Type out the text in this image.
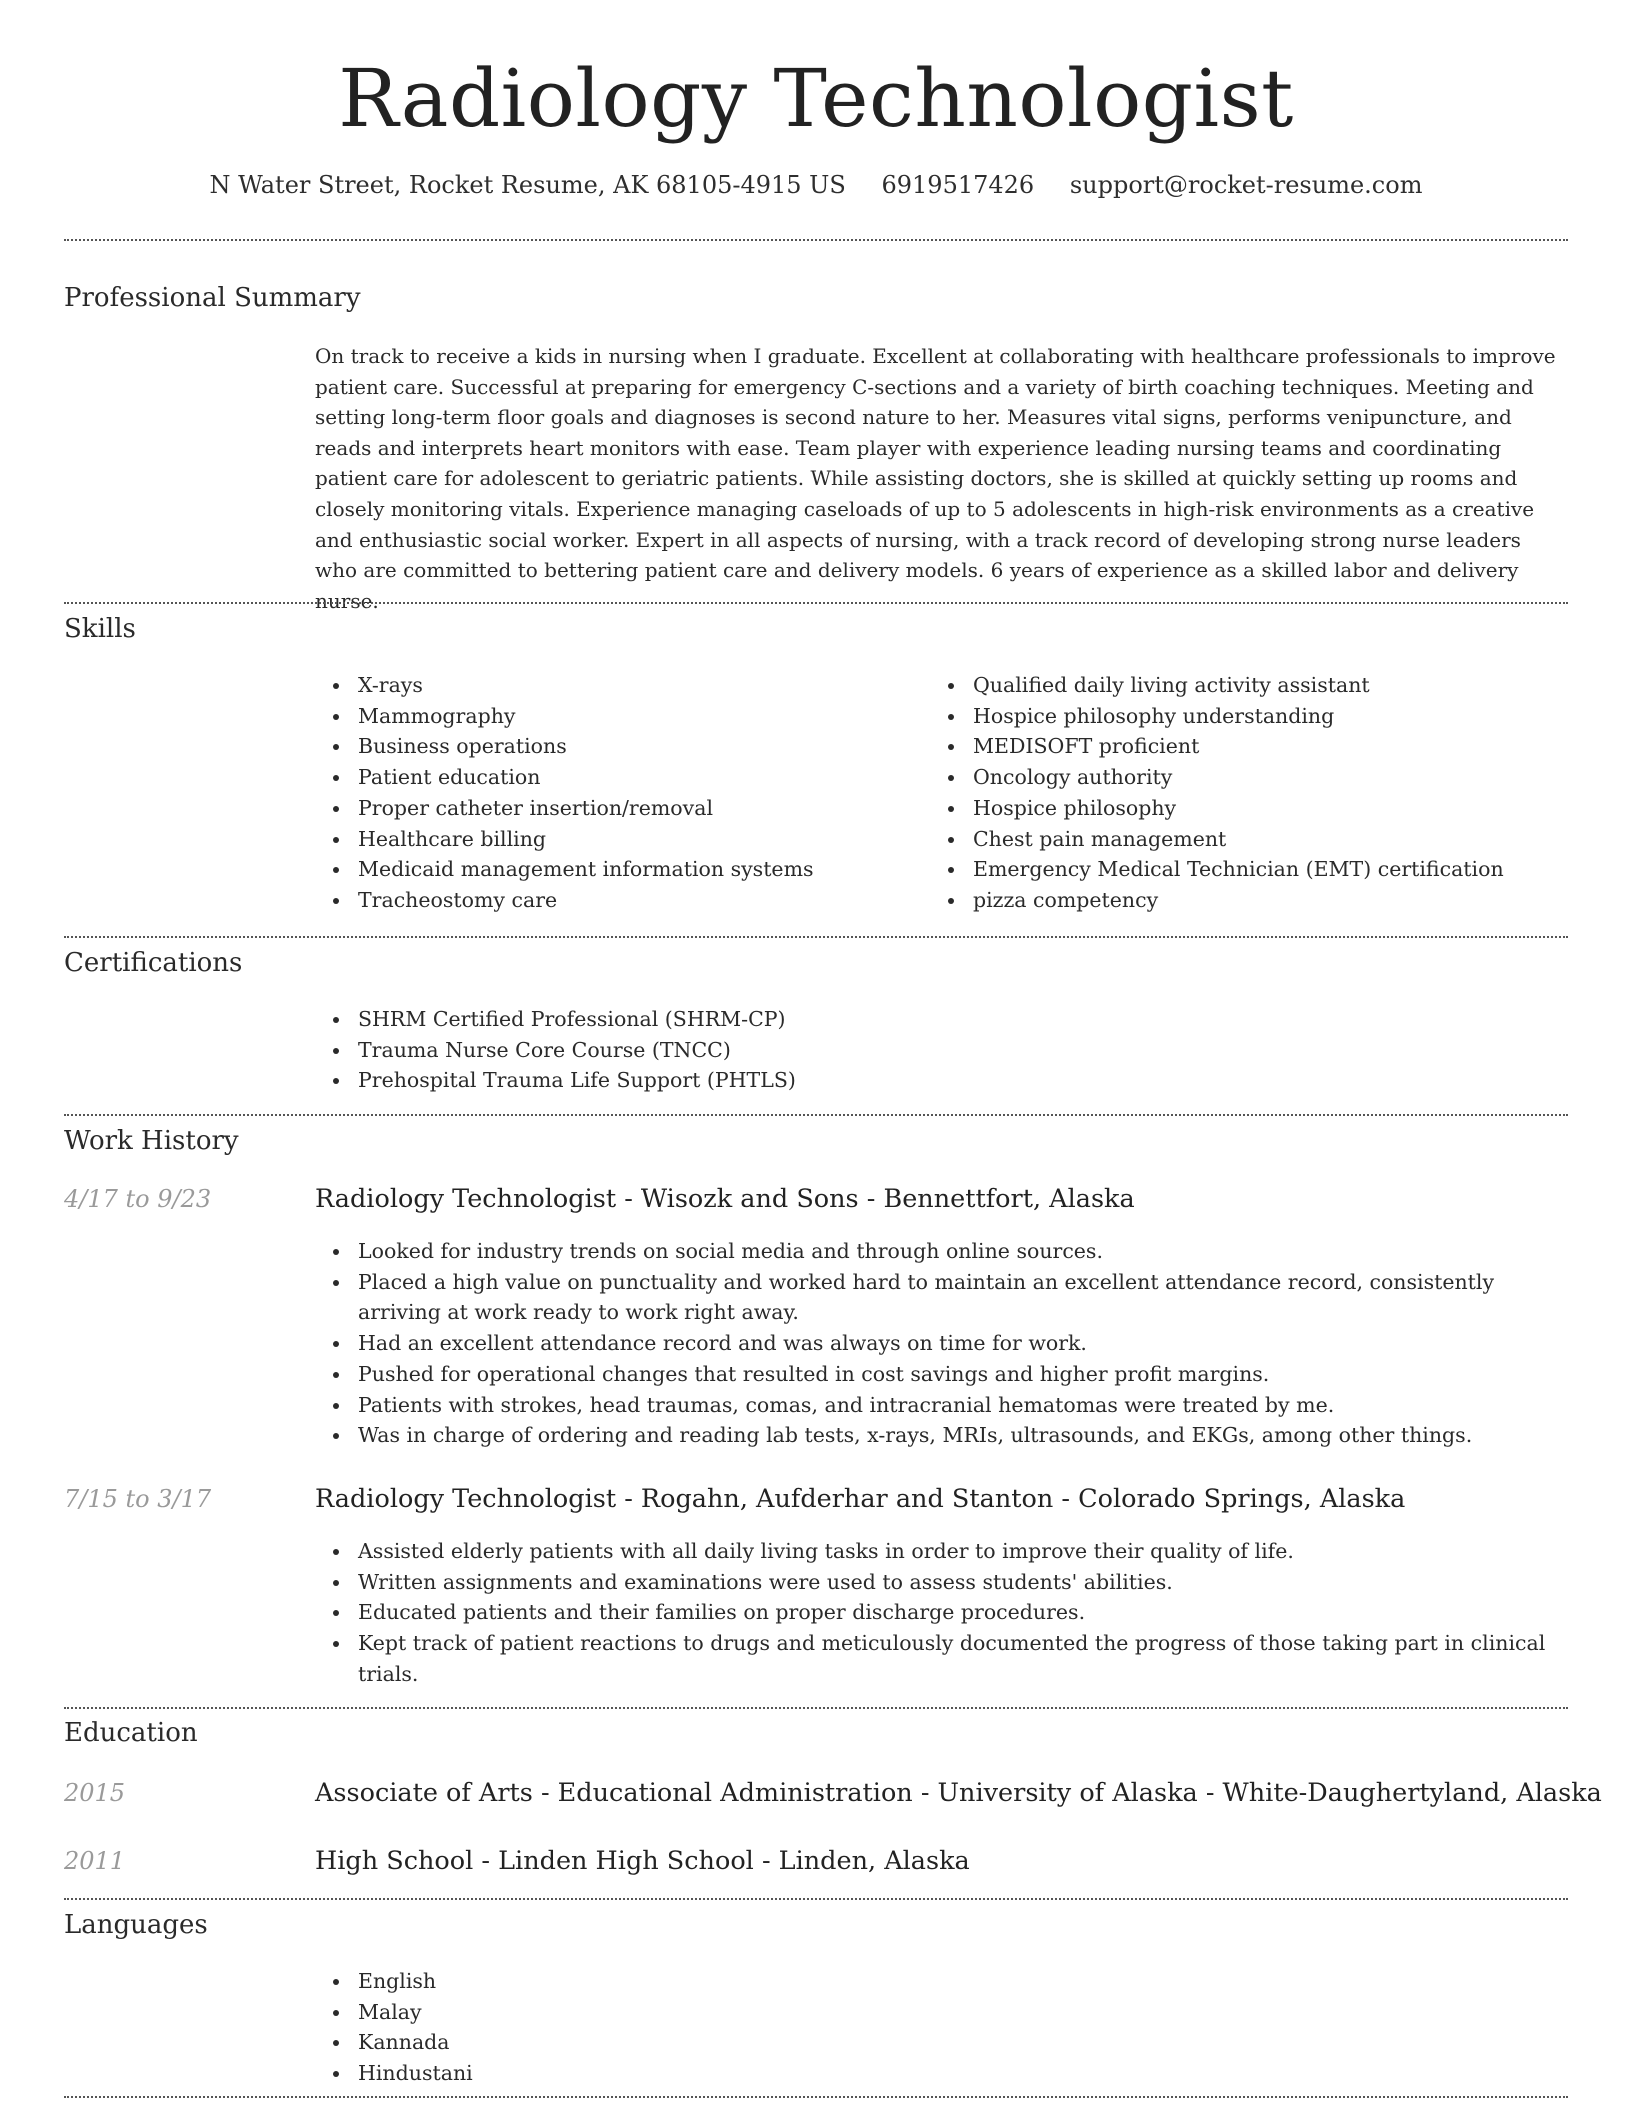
Radiology Technologist
N Water Street, Rocket Resume, AK 68105-4915 US 6919517426 support@rocket-resume.com
Professional Summary
On track to receive a kids in nursing when I graduate. Excellent at collaborating with healthcare professionals to improve patient care. Successful at preparing for emergency C-sections and a variety of birth coaching techniques. Meeting and setting long-term floor goals and diagnoses is second nature to her. Measures vital signs, performs venipuncture, and reads and interprets heart monitors with ease. Team player with experience leading nursing teams and coordinating patient care for adolescent to geriatric patients. While assisting doctors, she is skilled at quickly setting up rooms and closely monitoring vitals. Experience managing caseloads of up to 5 adolescents in high-risk environments as a creative and enthusiastic social worker. Expert in all aspects of nursing, with a track record of developing strong nurse leaders who are committed to bettering patient care and delivery models. 6 years of experience as a skilled labor and delivery nurse.
Skills
X-rays
Mammography
Business operations
Patient education
Proper catheter insertion/removal
Healthcare billing
Medicaid management information systems
Tracheostomy care
Qualified daily living activity assistant
Hospice philosophy understanding
MEDISOFT proficient
Oncology authority
Hospice philosophy
Chest pain management
Emergency Medical Technician (EMT) certification
pizza competency
Certifications
SHRM Certified Professional (SHRM-CP)
Trauma Nurse Core Course (TNCC)
Prehospital Trauma Life Support (PHTLS)
Work History
4/17 to 9/23	Radiology Technologist - Wisozk and Sons - Bennettfort, Alaska
Looked for industry trends on social media and through online sources.
Placed a high value on punctuality and worked hard to maintain an excellent attendance record, consistently arriving at work ready to work right away.
Had an excellent attendance record and was always on time for work.
Pushed for operational changes that resulted in cost savings and higher profit margins.
Patients with strokes, head traumas, comas, and intracranial hematomas were treated by me.
Was in charge of ordering and reading lab tests, x-rays, MRIs, ultrasounds, and EKGs, among other things.
7/15 to 3/17	Radiology Technologist - Rogahn, Aufderhar and Stanton - Colorado Springs, Alaska
Assisted elderly patients with all daily living tasks in order to improve their quality of life.
Written assignments and examinations were used to assess students' abilities.
Educated patients and their families on proper discharge procedures.
Kept track of patient reactions to drugs and meticulously documented the progress of those taking part in clinical trials.
Education
2015	Associate of Arts - Educational Administration - University of Alaska - White-Daughertyland, Alaska
2011	High School - Linden High School - Linden, Alaska
Languages
English
Malay
Kannada
Hindustani
